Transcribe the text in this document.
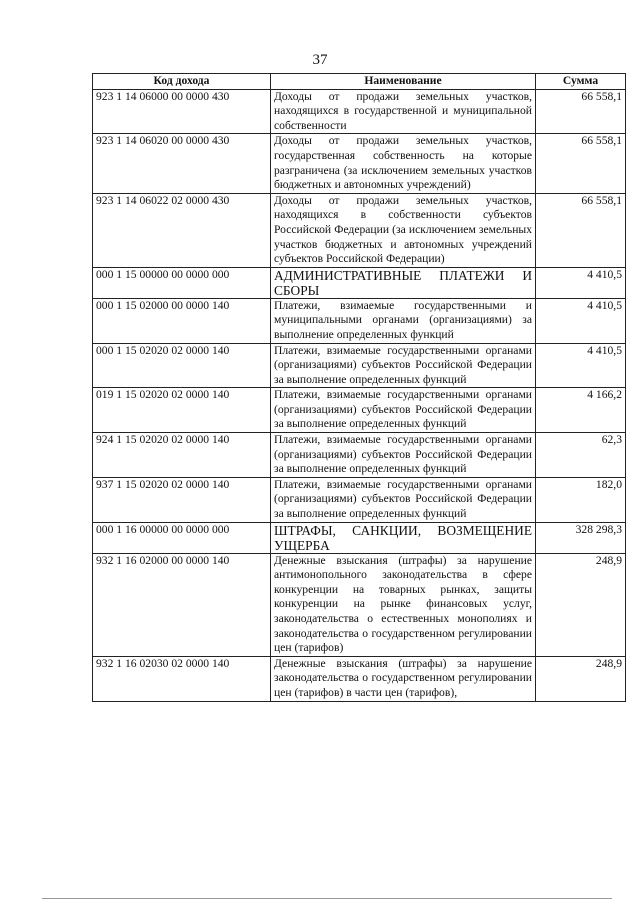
37
Код дохода	Наименование	Сумма
923 1 14 06000 00 0000 430	Доходы от продажи земельных участков, находящихся в государственной и муниципальной собственности	66 558,1
923 1 14 06020 00 0000 430	Доходы от продажи земельных участков, государственная собственность на которые разграничена (за исключением земельных участков бюджетных и автономных учреждений)	66 558,1
923 1 14 06022 02 0000 430	Доходы от продажи земельных участков, находящихся в собственности субъектов Российской Федерации (за исключением земельных участков бюджетных и автономных учреждений субъектов Российской Федерации)	66 558,1
000 1 15 00000 00 0000 000	АДМИНИСТРАТИВНЫЕ ПЛАТЕЖИ И СБОРЫ	4 410,5
000 1 15 02000 00 0000 140	Платежи, взимаемые государственными и муниципальными органами (организациями) за выполнение определенных функций	4 410,5
000 1 15 02020 02 0000 140	Платежи, взимаемые государственными органами (организациями) субъектов Российской Федерации за выполнение определенных функций	4 410,5
019 1 15 02020 02 0000 140	Платежи, взимаемые государственными органами (организациями) субъектов Российской Федерации за выполнение определенных функций	4 166,2
924 1 15 02020 02 0000 140	Платежи, взимаемые государственными органами (организациями) субъектов Российской Федерации за выполнение определенных функций	62,3
937 1 15 02020 02 0000 140	Платежи, взимаемые государственными органами (организациями) субъектов Российской Федерации за выполнение определенных функций	182,0
000 1 16 00000 00 0000 000	ШТРАФЫ, САНКЦИИ, ВОЗМЕЩЕНИЕ УЩЕРБА	328 298,3
932 1 16 02000 00 0000 140	Денежные взыскания (штрафы) за нарушение антимонопольного законодательства в сфере конкуренции на товарных рынках, защиты конкуренции на рынке финансовых услуг, законодательства о естественных монополиях и законодательства о государственном регулировании цен (тарифов)	248,9
932 1 16 02030 02 0000 140	Денежные взыскания (штрафы) за нарушение законодательства о государственном регулировании цен (тарифов) в части цен (тарифов),	248,9
